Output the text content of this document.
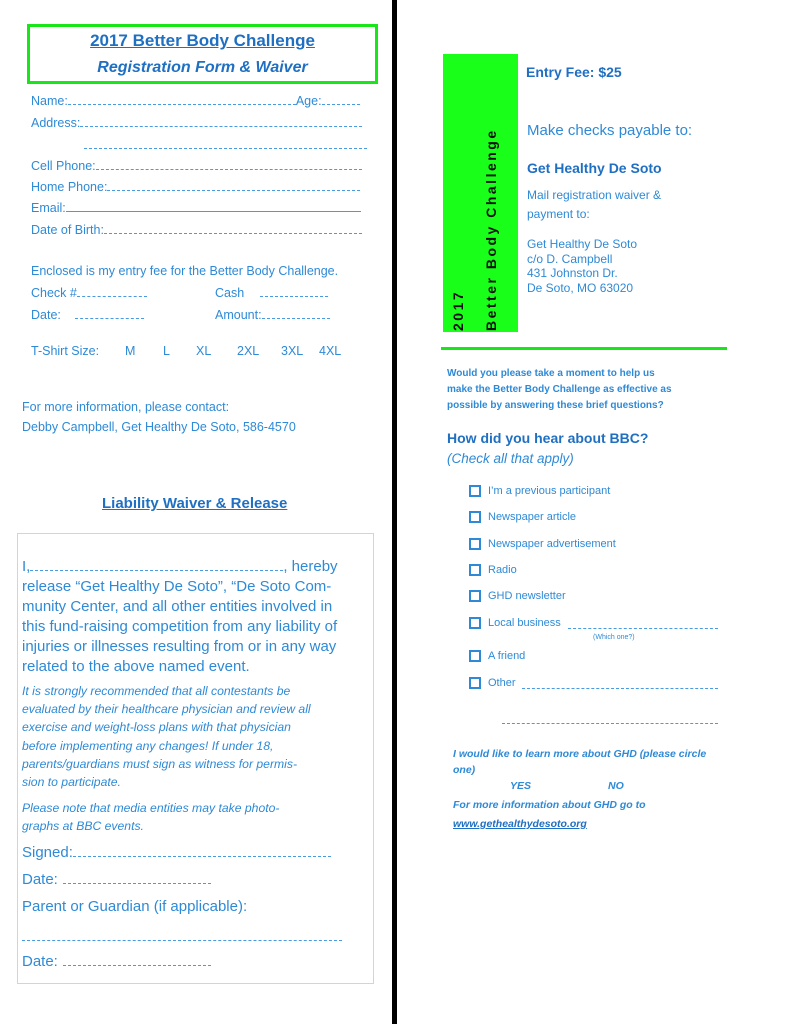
2017 Better Body Challenge
Registration Form & Waiver
Name:	Age:
Address:
Cell Phone:
Home Phone:
Email:
Date of Birth:
Enclosed is my entry fee for the Better Body Challenge.
Check #	Cash
Date:	Amount:
T-Shirt Size: M L XL 2XL 3XL 4XL
For more information, please contact:
Debby Campbell, Get Healthy De Soto, 586-4570
Liability Waiver & Release
I,	, hereby
release “Get Healthy De Soto”, “De Soto Com-
munity Center, and all other entities involved in
this fund-raising competition from any liability of
injuries or illnesses resulting from or in any way
related to the above named event.
It is strongly recommended that all contestants be
evaluated by their healthcare physician and review all
exercise and weight-loss plans with that physician
before implementing any changes! If under 18,
parents/guardians must sign as witness for permis-
sion to participate.
Please note that media entities may take photo-
graphs at BBC events.
Signed:
Date:
Parent or Guardian (if applicable):
Date:
2017 Better Body Challenge
Entry Fee: $25
Make checks payable to:
Get Healthy De Soto
Mail registration waiver &
payment to:
Get Healthy De Soto
c/o D. Campbell
431 Johnston Dr.
De Soto, MO 63020
Would you please take a moment to help us
make the Better Body Challenge as effective as
possible by answering these brief questions?
How did you hear about BBC?
(Check all that apply)
I’m a previous participant
Newspaper article
Newspaper advertisement
Radio
GHD newsletter
Local business
(Which one?)
A friend
Other
I would like to learn more about GHD (please circle
one)
YES	NO
For more information about GHD go to
www.gethealthydesoto.org
